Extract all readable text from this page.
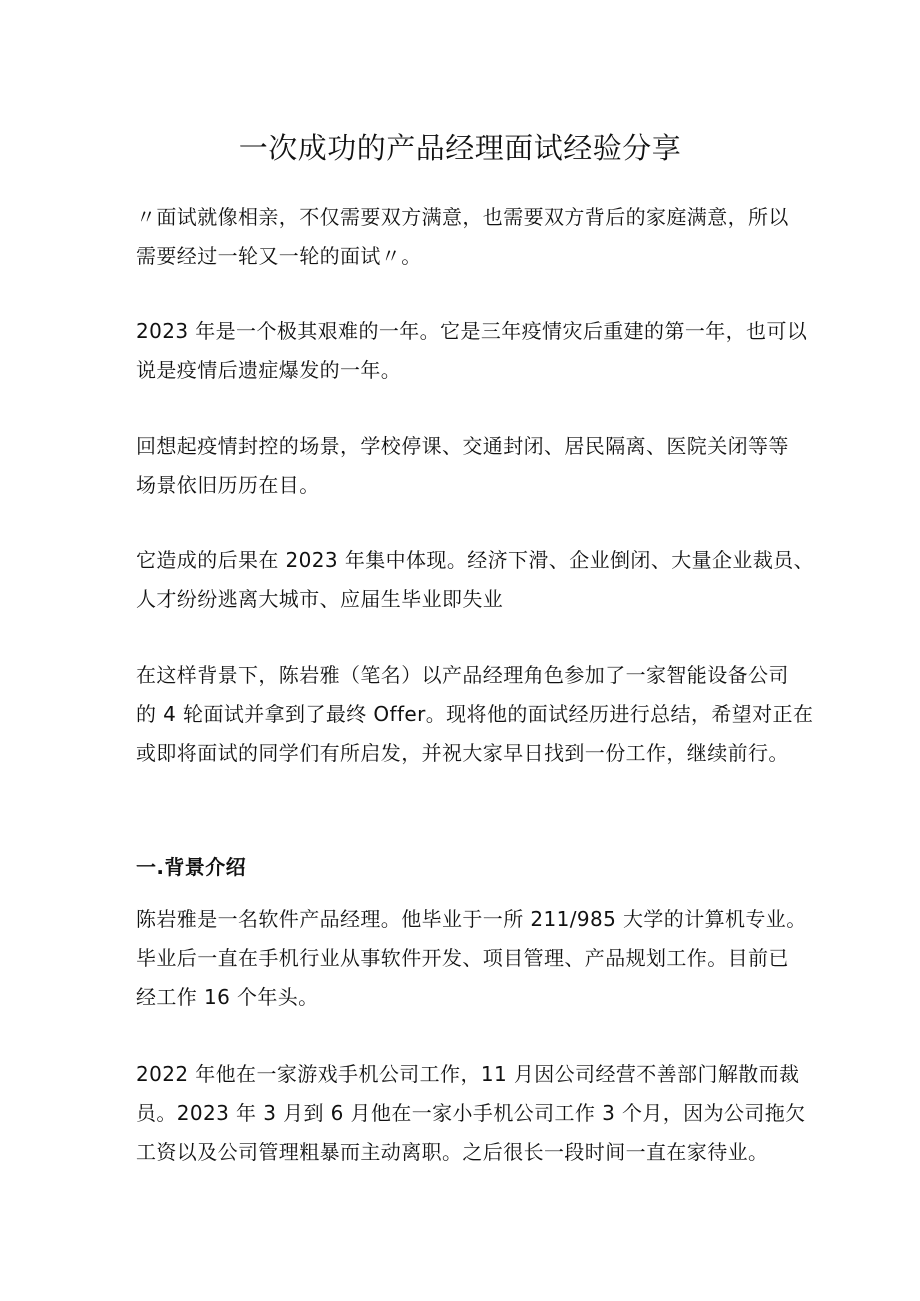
一次成功的产品经理面试经验分享

〃面试就像相亲，不仅需要双方满意，也需要双方背后的家庭满意，所以
需要经过一轮又一轮的面试〃。

2023 年是一个极其艰难的一年。它是三年疫情灾后重建的第一年，也可以
说是疫情后遗症爆发的一年。

回想起疫情封控的场景，学校停课、交通封闭、居民隔离、医院关闭等等
场景依旧历历在目。

它造成的后果在 2023 年集中体现。经济下滑、企业倒闭、大量企业裁员、
人才纷纷逃离大城市、应届生毕业即失业

在这样背景下，陈岩雅（笔名）以产品经理角色参加了一家智能设备公司
的 4 轮面试并拿到了最终 Offer。现将他的面试经历进行总结，希望对正在
或即将面试的同学们有所启发，并祝大家早日找到一份工作，继续前行。

一.背景介绍

陈岩雅是一名软件产品经理。他毕业于一所 211/985 大学的计算机专业。
毕业后一直在手机行业从事软件开发、项目管理、产品规划工作。目前已
经工作 16 个年头。

2022 年他在一家游戏手机公司工作，11 月因公司经营不善部门解散而裁
员。2023 年 3 月到 6 月他在一家小手机公司工作 3 个月，因为公司拖欠
工资以及公司管理粗暴而主动离职。之后很长一段时间一直在家待业。
